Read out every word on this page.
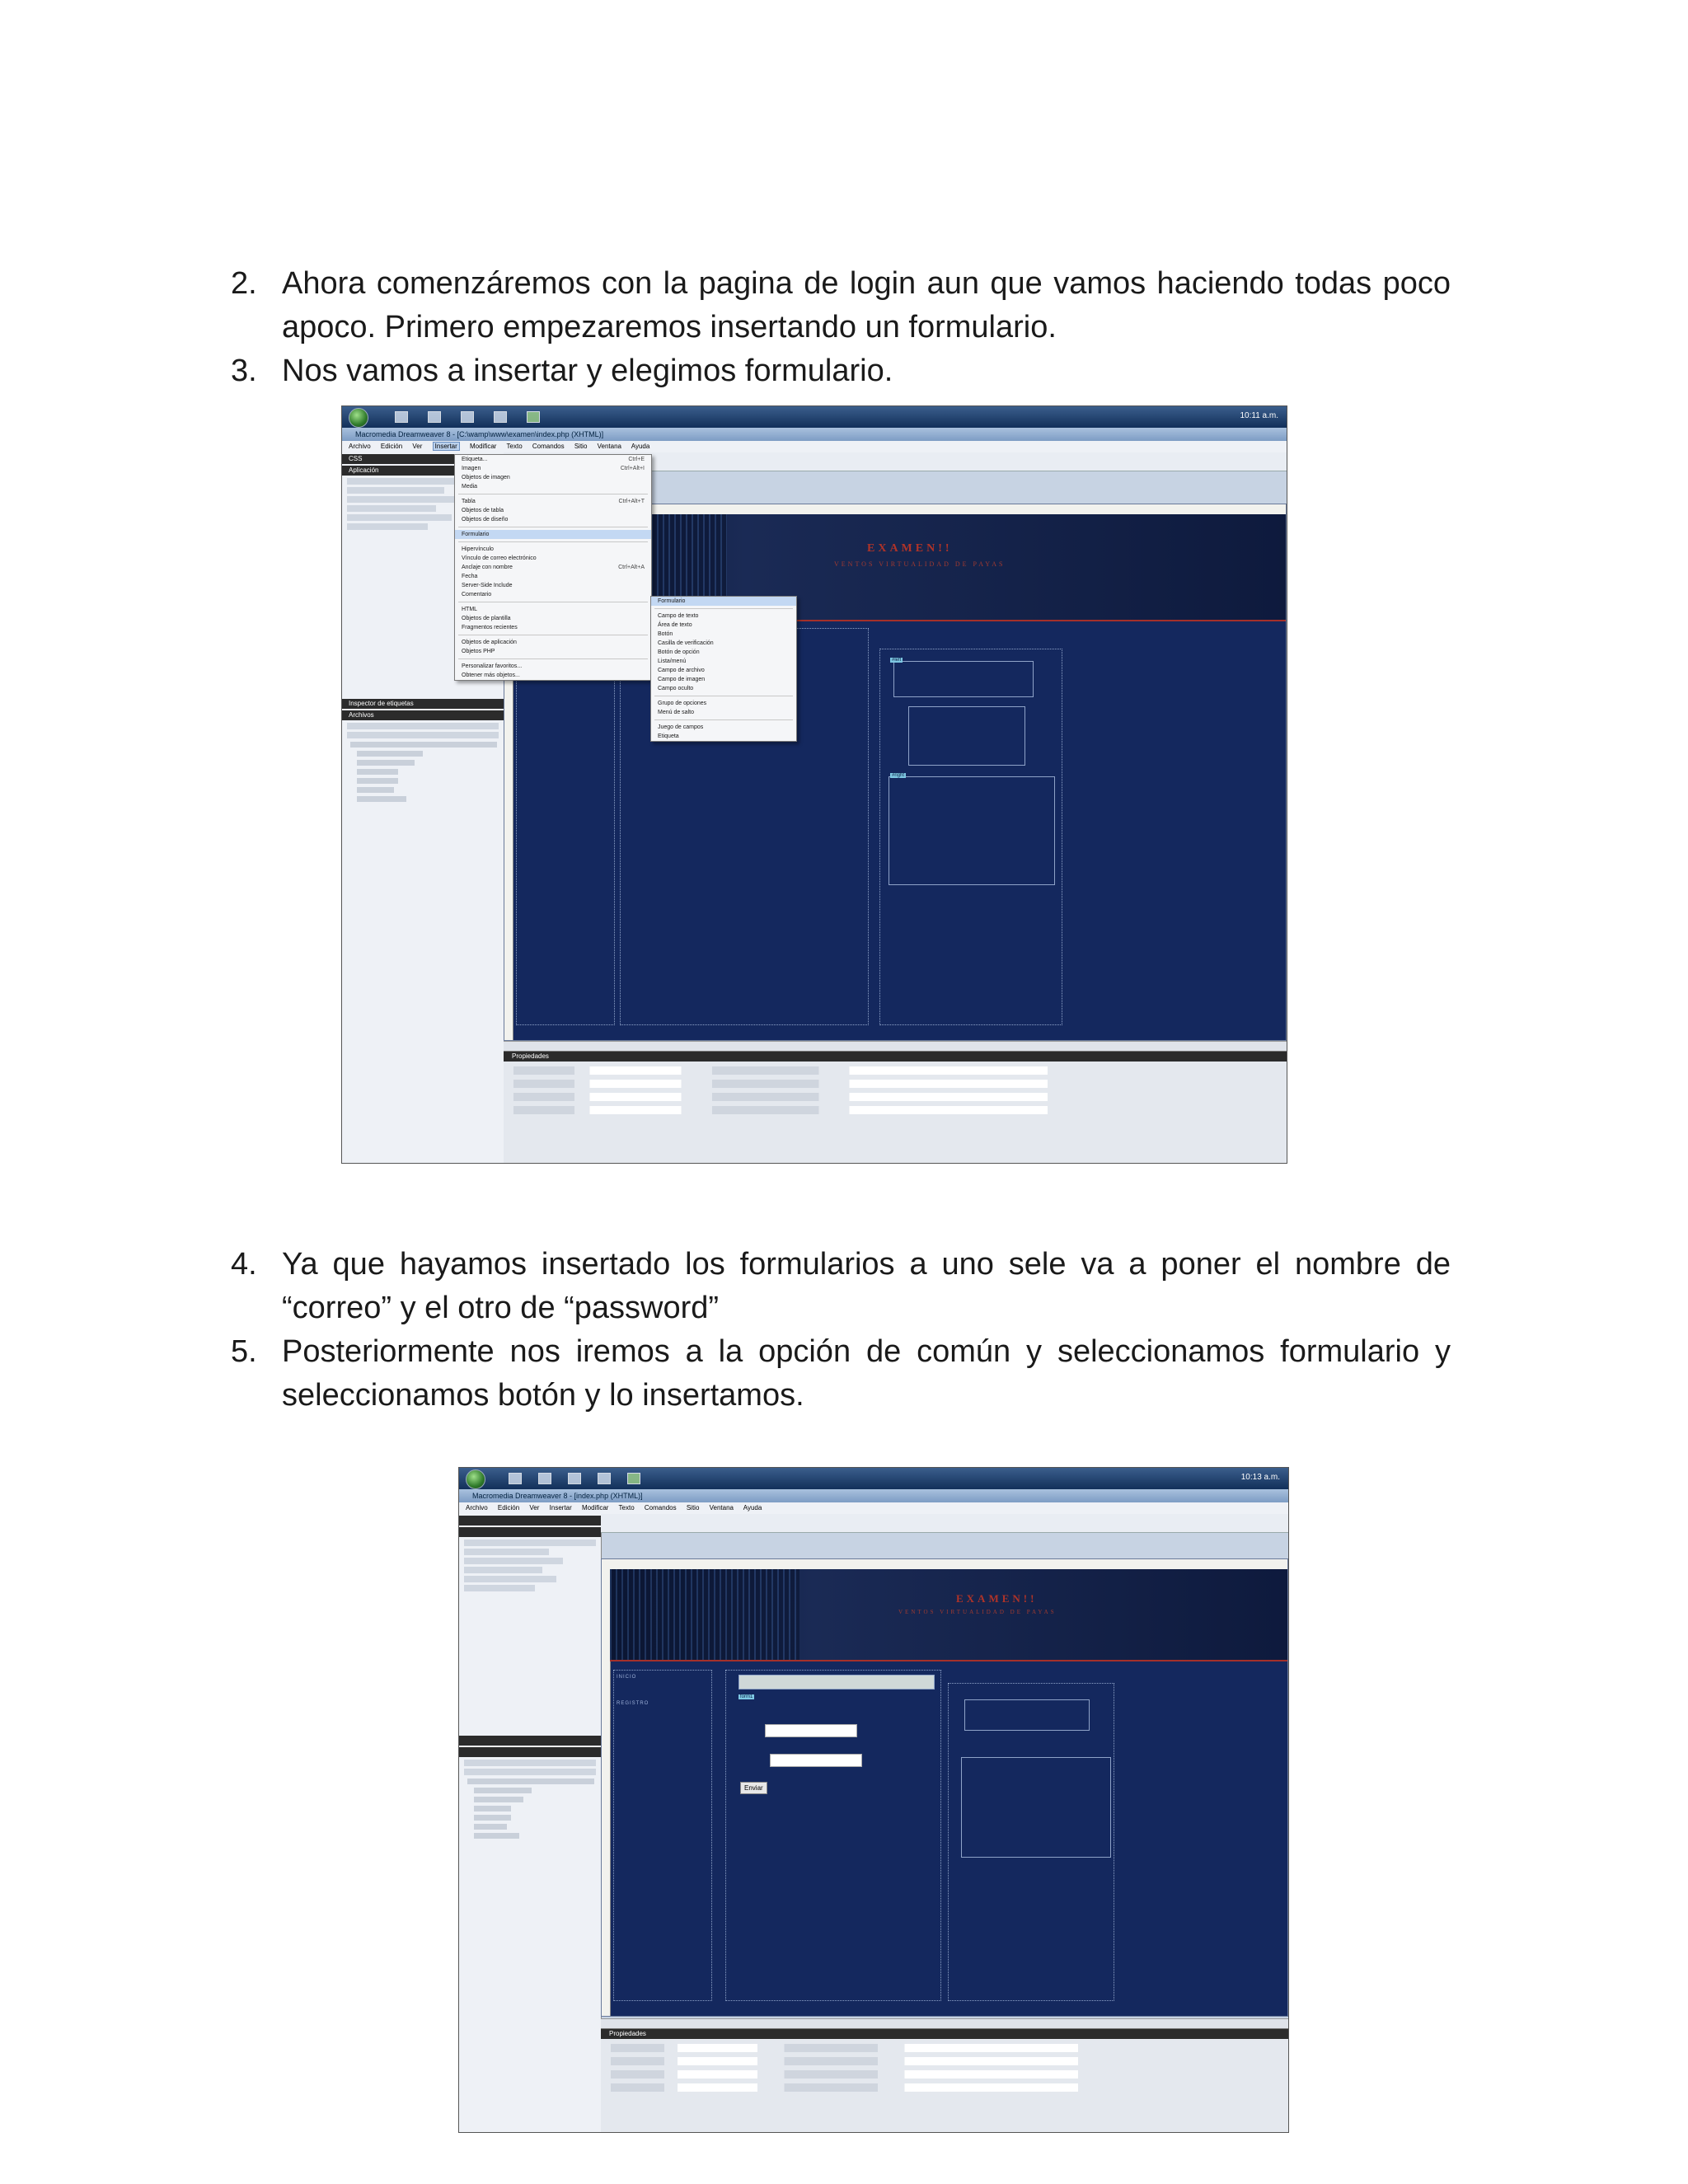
2. Ahora comenzáremos con la pagina de login aun que vamos haciendo todas poco apoco. Primero empezaremos insertando un formulario.
3. Nos vamos a insertar y elegimos formulario.
10:11 a.m.
Macromedia Dreamweaver 8 - [C:\wamp\www\examen\index.php (XHTML)]
Archivo Edición Ver Insertar Modificar Texto Comandos Sitio Ventana Ayuda
CSS
Aplicación
Inspector de etiquetas
Archivos
EXAMEN!!
VENTOS VIRTUALIDAD DE PAYAS
#left
#right
Etiqueta...	Ctrl+E
Imagen	Ctrl+Alt+I
Objetos de imagen
Media
Tabla	Ctrl+Alt+T
Objetos de tabla
Objetos de diseño
Formulario
Hipervínculo
Vínculo de correo electrónico
Anclaje con nombre	Ctrl+Alt+A
Fecha
Server-Side Include
Comentario
HTML
Objetos de plantilla
Fragmentos recientes
Objetos de aplicación
Objetos PHP
Personalizar favoritos...
Obtener más objetos...
Formulario
Campo de texto
Área de texto
Botón
Casilla de verificación
Botón de opción
Lista/menú
Campo de archivo
Campo de imagen
Campo oculto
Grupo de opciones
Menú de salto
Juego de campos
Etiqueta
Propiedades
4. Ya que hayamos insertado los formularios a uno sele va a poner el nombre de “correo” y el otro de “password”
5. Posteriormente nos iremos a la opción de común y seleccionamos formulario y seleccionamos botón y lo insertamos.
10:13 a.m.
Macromedia Dreamweaver 8 - [index.php (XHTML)]
Archivo Edición Ver Insertar Modificar Texto Comandos Sitio Ventana Ayuda
EXAMEN!!
VENTOS VIRTUALIDAD DE PAYAS
INICIO
REGISTRO
form1
Enviar
Propiedades
